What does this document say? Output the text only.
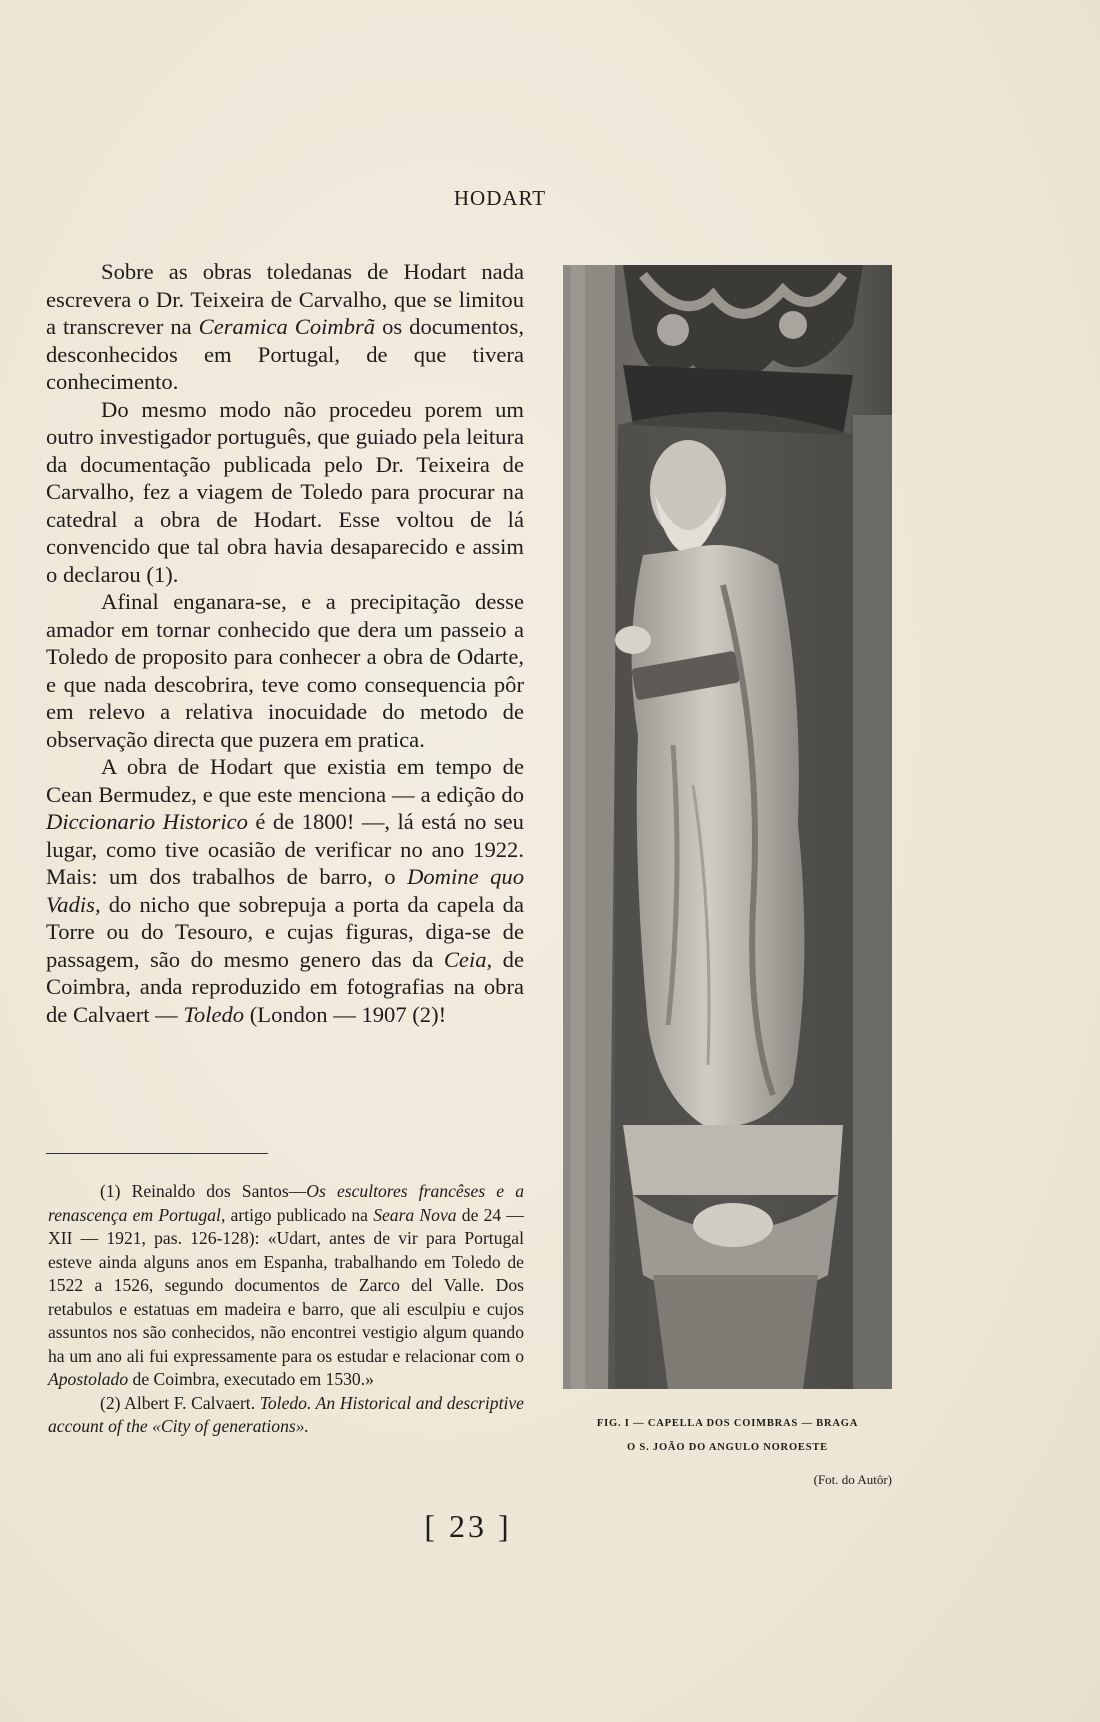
HODART

Sobre as obras toledanas de Hodart nada escrevera o Dr. Teixeira de Carvalho, que se limitou a transcrever na Ceramica Coimbrã os documentos, desconhecidos em Portugal, de que tivera conhecimento.

Do mesmo modo não procedeu porem um outro investigador português, que guiado pela leitura da documentação publicada pelo Dr. Teixeira de Carvalho, fez a viagem de Toledo para procurar na catedral a obra de Hodart. Esse voltou de lá convencido que tal obra havia desaparecido e assim o declarou (1).

Afinal enganara-se, e a precipitação desse amador em tornar conhecido que dera um passeio a Toledo de proposito para conhecer a obra de Odarte, e que nada descobrira, teve como consequencia pôr em relevo a relativa inocuidade do metodo de observação directa que puzera em pratica.

A obra de Hodart que existia em tempo de Cean Bermudez, e que este menciona — a edição do Diccionario Historico é de 1800! —, lá está no seu lugar, como tive ocasião de verificar no ano 1922. Mais: um dos trabalhos de barro, o Domine quo Vadis, do nicho que sobrepuja a porta da capela da Torre ou do Tesouro, e cujas figuras, diga-se de passagem, são do mesmo genero das da Ceia, de Coimbra, anda reproduzido em fotografias na obra de Calvaert — Toledo (London — 1907 (2)!

(1) Reinaldo dos Santos—Os escultores francêses e a renascença em Portugal, artigo publicado na Seara Nova de 24 — XII — 1921, pas. 126-128): «Udart, antes de vir para Portugal esteve ainda alguns anos em Espanha, trabalhando em Toledo de 1522 a 1526, segundo documentos de Zarco del Valle. Dos retabulos e estatuas em madeira e barro, que ali esculpiu e cujos assuntos nos são conhecidos, não encontrei vestigio algum quando ha um ano ali fui expressamente para os estudar e relacionar com o Apostolado de Coimbra, executado em 1530.»

(2) Albert F. Calvaert. Toledo. An Historical and descriptive account of the «City of generations».	FIG. I — CAPELLA DOS COIMBRAS — BRAGA
O S. JOÃO DO ANGULO NOROESTE
(Fot. do Autôr)
[ 23 ]
